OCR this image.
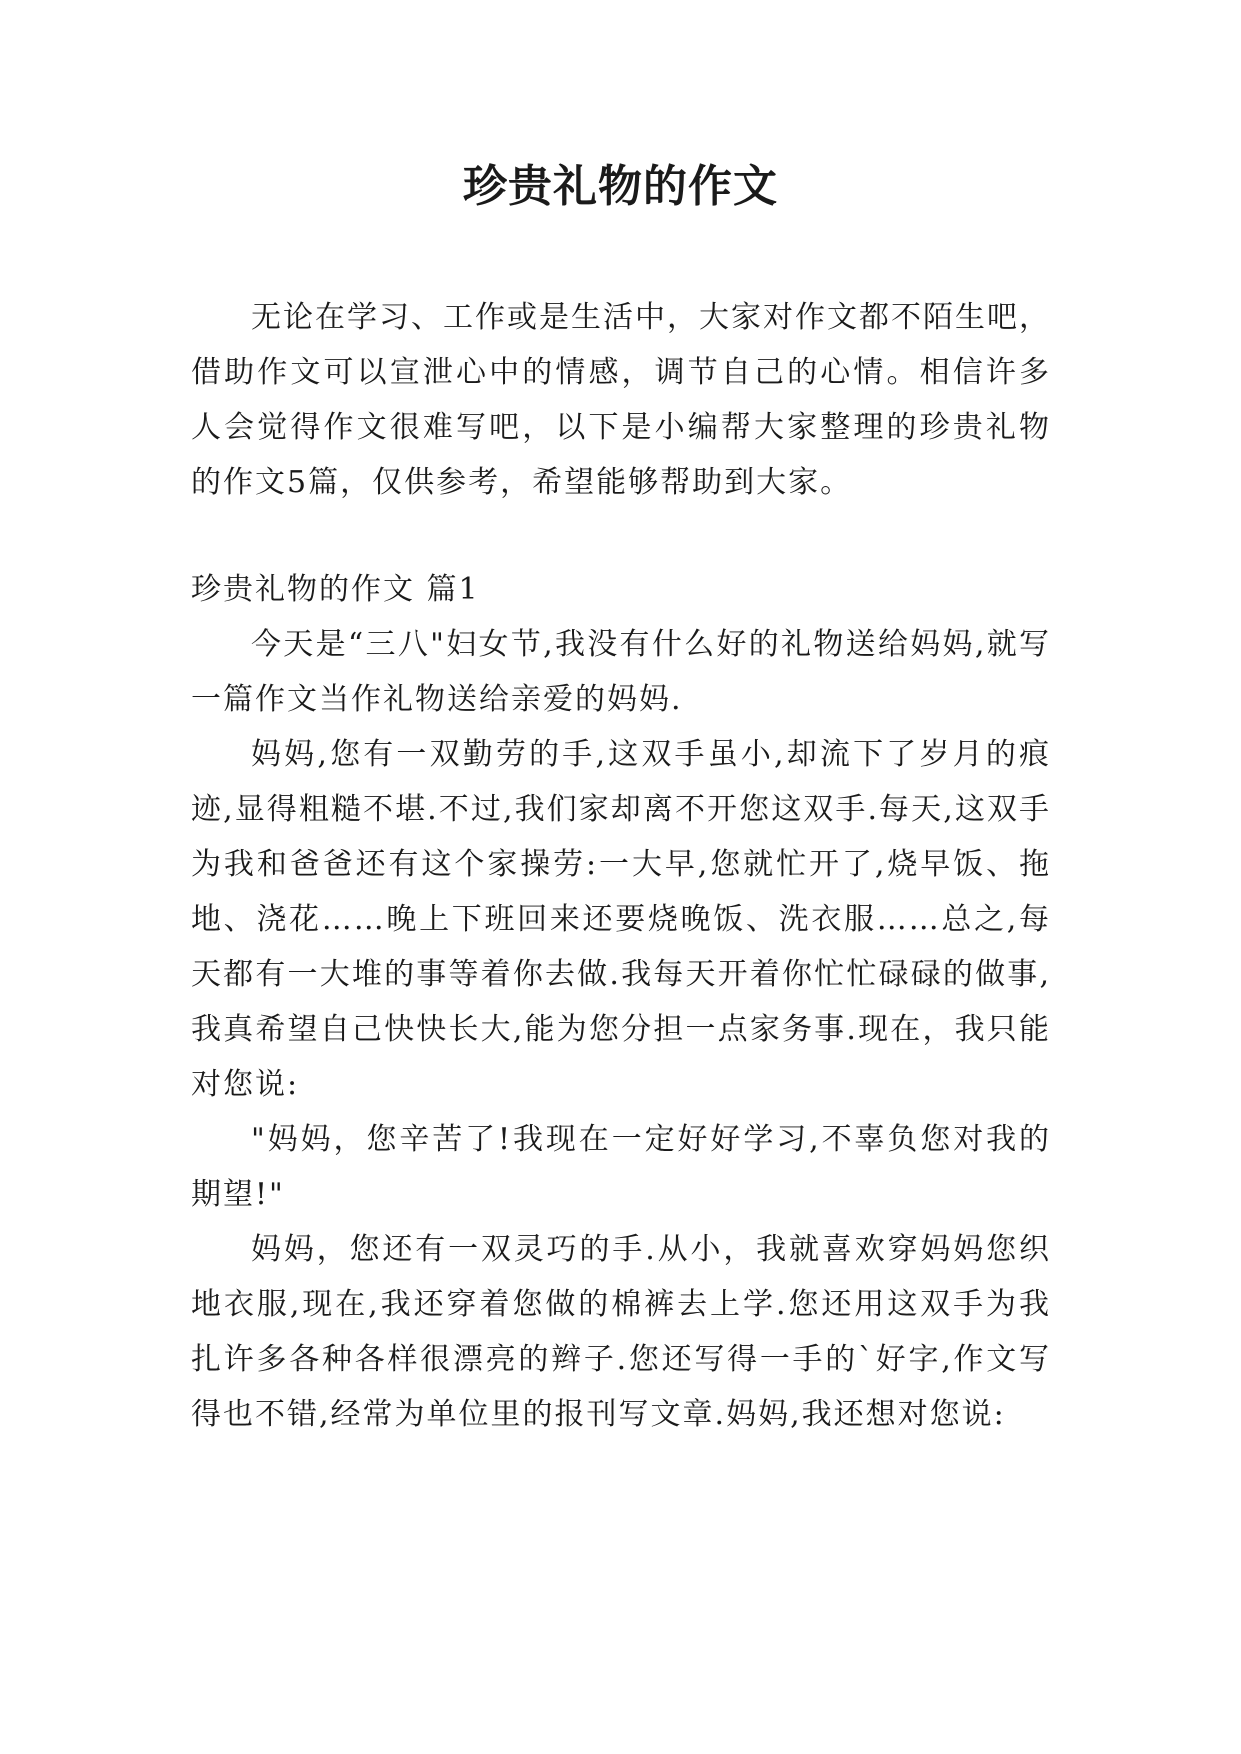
珍贵礼物的作文

无论在学习、工作或是生活中，大家对作文都不陌生吧，借助作文可以宣泄心中的情感，调节自己的心情。相信许多人会觉得作文很难写吧，以下是小编帮大家整理的珍贵礼物的作文5篇，仅供参考，希望能够帮助到大家。

珍贵礼物的作文 篇1

今天是“三八"妇女节,我没有什么好的礼物送给妈妈,就写一篇作文当作礼物送给亲爱的妈妈.

妈妈,您有一双勤劳的手,这双手虽小,却流下了岁月的痕迹,显得粗糙不堪.不过,我们家却离不开您这双手.每天,这双手为我和爸爸还有这个家操劳:一大早,您就忙开了,烧早饭、拖地、浇花……晚上下班回来还要烧晚饭、洗衣服……总之,每天都有一大堆的事等着你去做.我每天开着你忙忙碌碌的做事,我真希望自己快快长大,能为您分担一点家务事.现在，我只能对您说:

"妈妈，您辛苦了!我现在一定好好学习,不辜负您对我的期望!"

妈妈，您还有一双灵巧的手.从小，我就喜欢穿妈妈您织地衣服,现在,我还穿着您做的棉裤去上学.您还用这双手为我扎许多各种各样很漂亮的辫子.您还写得一手的`好字,作文写得也不错,经常为单位里的报刊写文章.妈妈,我还想对您说:
